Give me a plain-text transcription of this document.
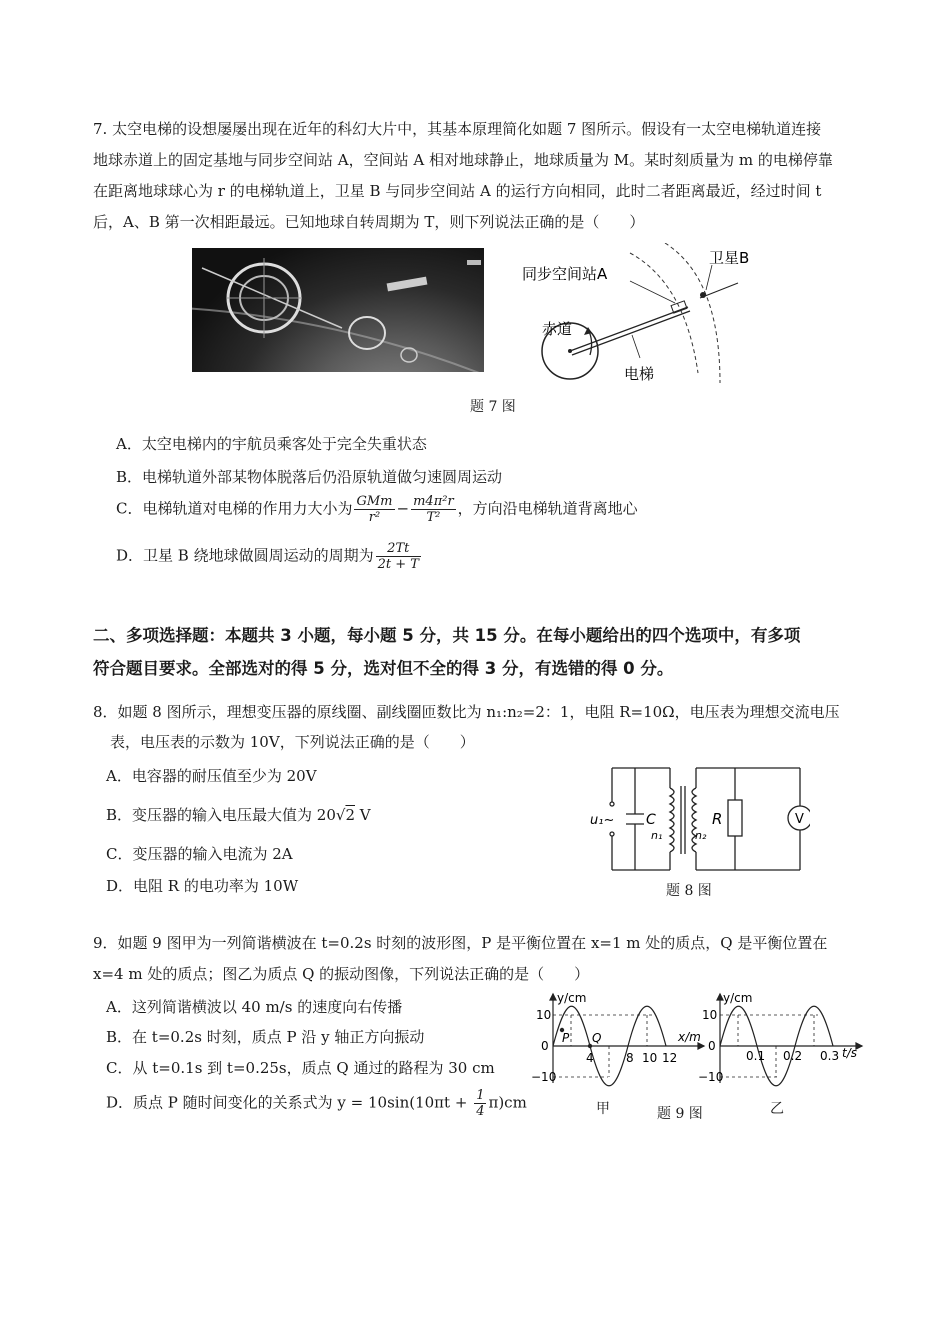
7. 太空电梯的设想屡屡出现在近年的科幻大片中，其基本原理简化如题 7 图所示。假设有一太空电梯轨道连接
地球赤道上的固定基地与同步空间站 A，空间站 A 相对地球静止，地球质量为 M。某时刻质量为 m 的电梯停靠
在距离地球球心为 r 的电梯轨道上，卫星 B 与同步空间站 A 的运行方向相同，此时二者距离最近，经过时间 t
后，A、B 第一次相距最远。已知地球自转周期为 T，则下列说法正确的是（　　）
同步空间站A
卫星B
赤道
电梯
题 7 图
A．太空电梯内的宇航员乘客处于完全失重状态
B．电梯轨道外部某物体脱落后仍沿原轨道做匀速圆周运动
C．电梯轨道对电梯的作用力大小为 $\frac{\text{GMm}}{\text{r²}} - \frac{\text{m4π²r}}{\text{T²}}$ ，方向沿电梯轨道背离地心
D．卫星 B 绕地球做圆周运动的周期为 $\frac{2Tt}{2t + T}$
二、多项选择题：本题共 3 小题，每小题 5 分，共 15 分。在每小题给出的四个选项中，有多项
符合题目要求。全部选对的得 5 分，选对但不全的得 3 分，有选错的得 0 分。
8．如题 8 图所示，理想变压器的原线圈、副线圈匝数比为 n₁:n₂=2：1，电阻 R=10Ω，电压表为理想交流电压
表，电压表的示数为 10V，下列说法正确的是（　　）
A．电容器的耐压值至少为 20V
B．变压器的输入电压最大值为 20√2 V
C．变压器的输入电流为 2A
D．电阻 R 的电功率为 10W
u₁~ C
n₁	n₂
R	V
题 8 图
9．如题 9 图甲为一列简谐横波在 t=0.2s 时刻的波形图，P 是平衡位置在 x=1 m 处的质点，Q 是平衡位置在
x=4 m 处的质点；图乙为质点 Q 的振动图像，下列说法正确的是（　　）
A．这列简谐横波以 40 m/s 的速度向右传播
B．在 t=0.2s 时刻，质点 P 沿 y 轴正方向振动
C．从 t=0.1s 到 t=0.25s，质点 Q 通过的路程为 30 cm
D．质点 P 随时间变化的关系式为 $y = 10\sin(10\pi t + \frac{1}{4} \pi)cm$
y/cm
x/m
10
0
−10
4	8 10 12
P Q
y/cm
t/s
10
0
−10
0.1 0.2 0.3
甲	题 9 图	乙
